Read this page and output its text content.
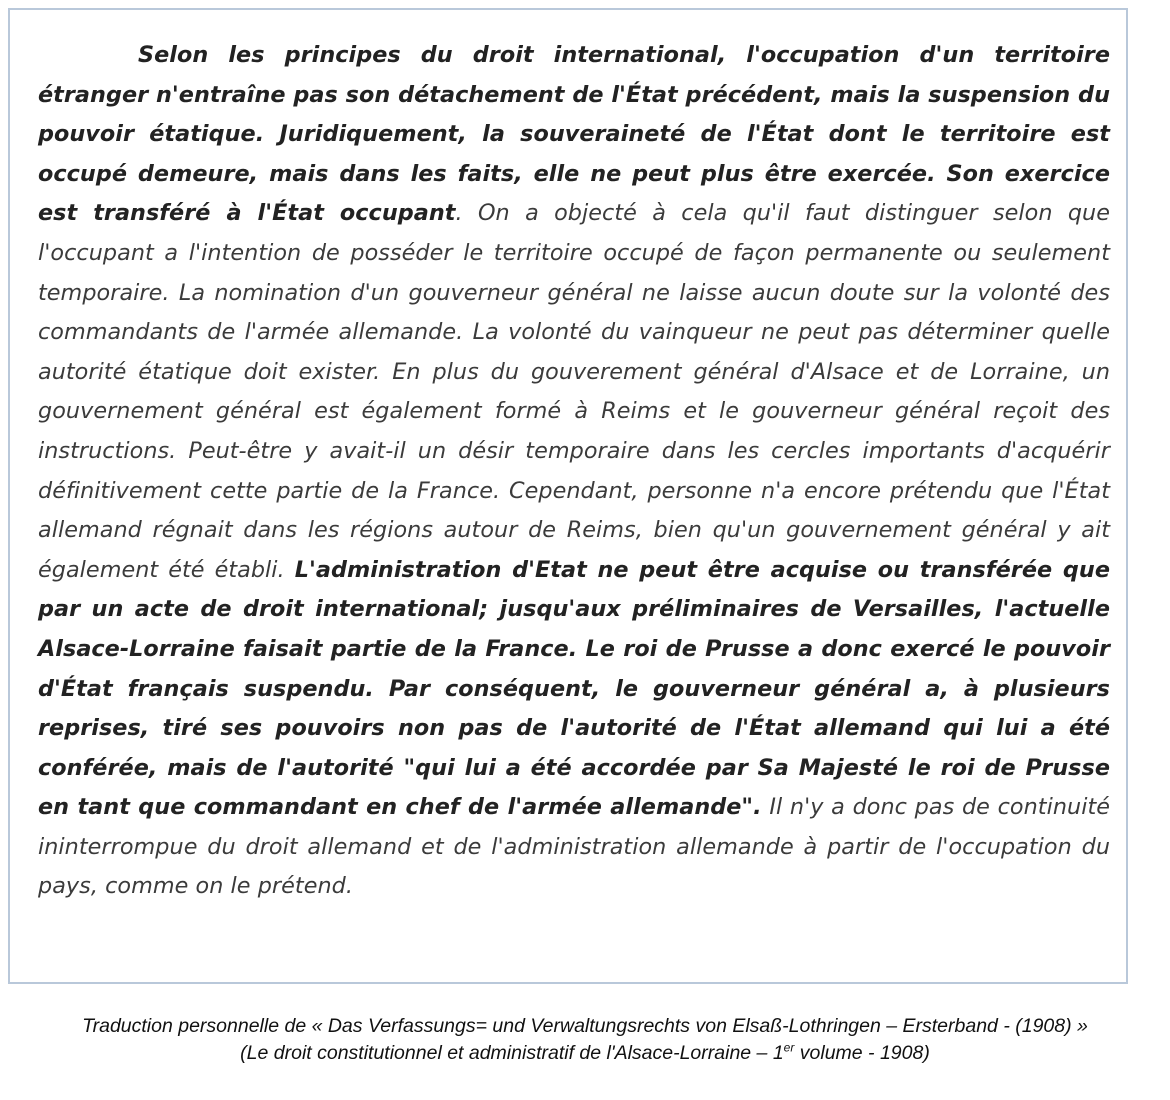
Selon les principes du droit international, l'occupation d'un territoire étranger n'entraîne pas son détachement de l'État précédent, mais la suspension du pouvoir étatique. Juridiquement, la souveraineté de l'État dont le territoire est occupé demeure, mais dans les faits, elle ne peut plus être exercée. Son exercice est transféré à l'État occupant. On a objecté à cela qu'il faut distinguer selon que l'occupant a l'intention de posséder le territoire occupé de façon permanente ou seulement temporaire. La nomination d'un gouverneur général ne laisse aucun doute sur la volonté des commandants de l'armée allemande. La volonté du vainqueur ne peut pas déterminer quelle autorité étatique doit exister. En plus du gouverement général d'Alsace et de Lorraine, un gouvernement général est également formé à Reims et le gouverneur général reçoit des instructions. Peut-être y avait-il un désir temporaire dans les cercles importants d'acquérir définitivement cette partie de la France. Cependant, personne n'a encore prétendu que l'État allemand régnait dans les régions autour de Reims, bien qu'un gouvernement général y ait également été établi. L'administration d'Etat ne peut être acquise ou transférée que par un acte de droit international; jusqu'aux préliminaires de Versailles, l'actuelle Alsace-Lorraine faisait partie de la France. Le roi de Prusse a donc exercé le pouvoir d'État français suspendu. Par conséquent, le gouverneur général a, à plusieurs reprises, tiré ses pouvoirs non pas de l'autorité de l'État allemand qui lui a été conférée, mais de l'autorité "qui lui a été accordée par Sa Majesté le roi de Prusse en tant que commandant en chef de l'armée allemande". Il n'y a donc pas de continuité ininterrompue du droit allemand et de l'administration allemande à partir de l'occupation du pays, comme on le prétend.

Traduction personnelle de « Das Verfassungs= und Verwaltungsrechts von Elsaß-Lothringen – Ersterband - (1908) »
(Le droit constitutionnel et administratif de l'Alsace-Lorraine – 1er volume - 1908)
